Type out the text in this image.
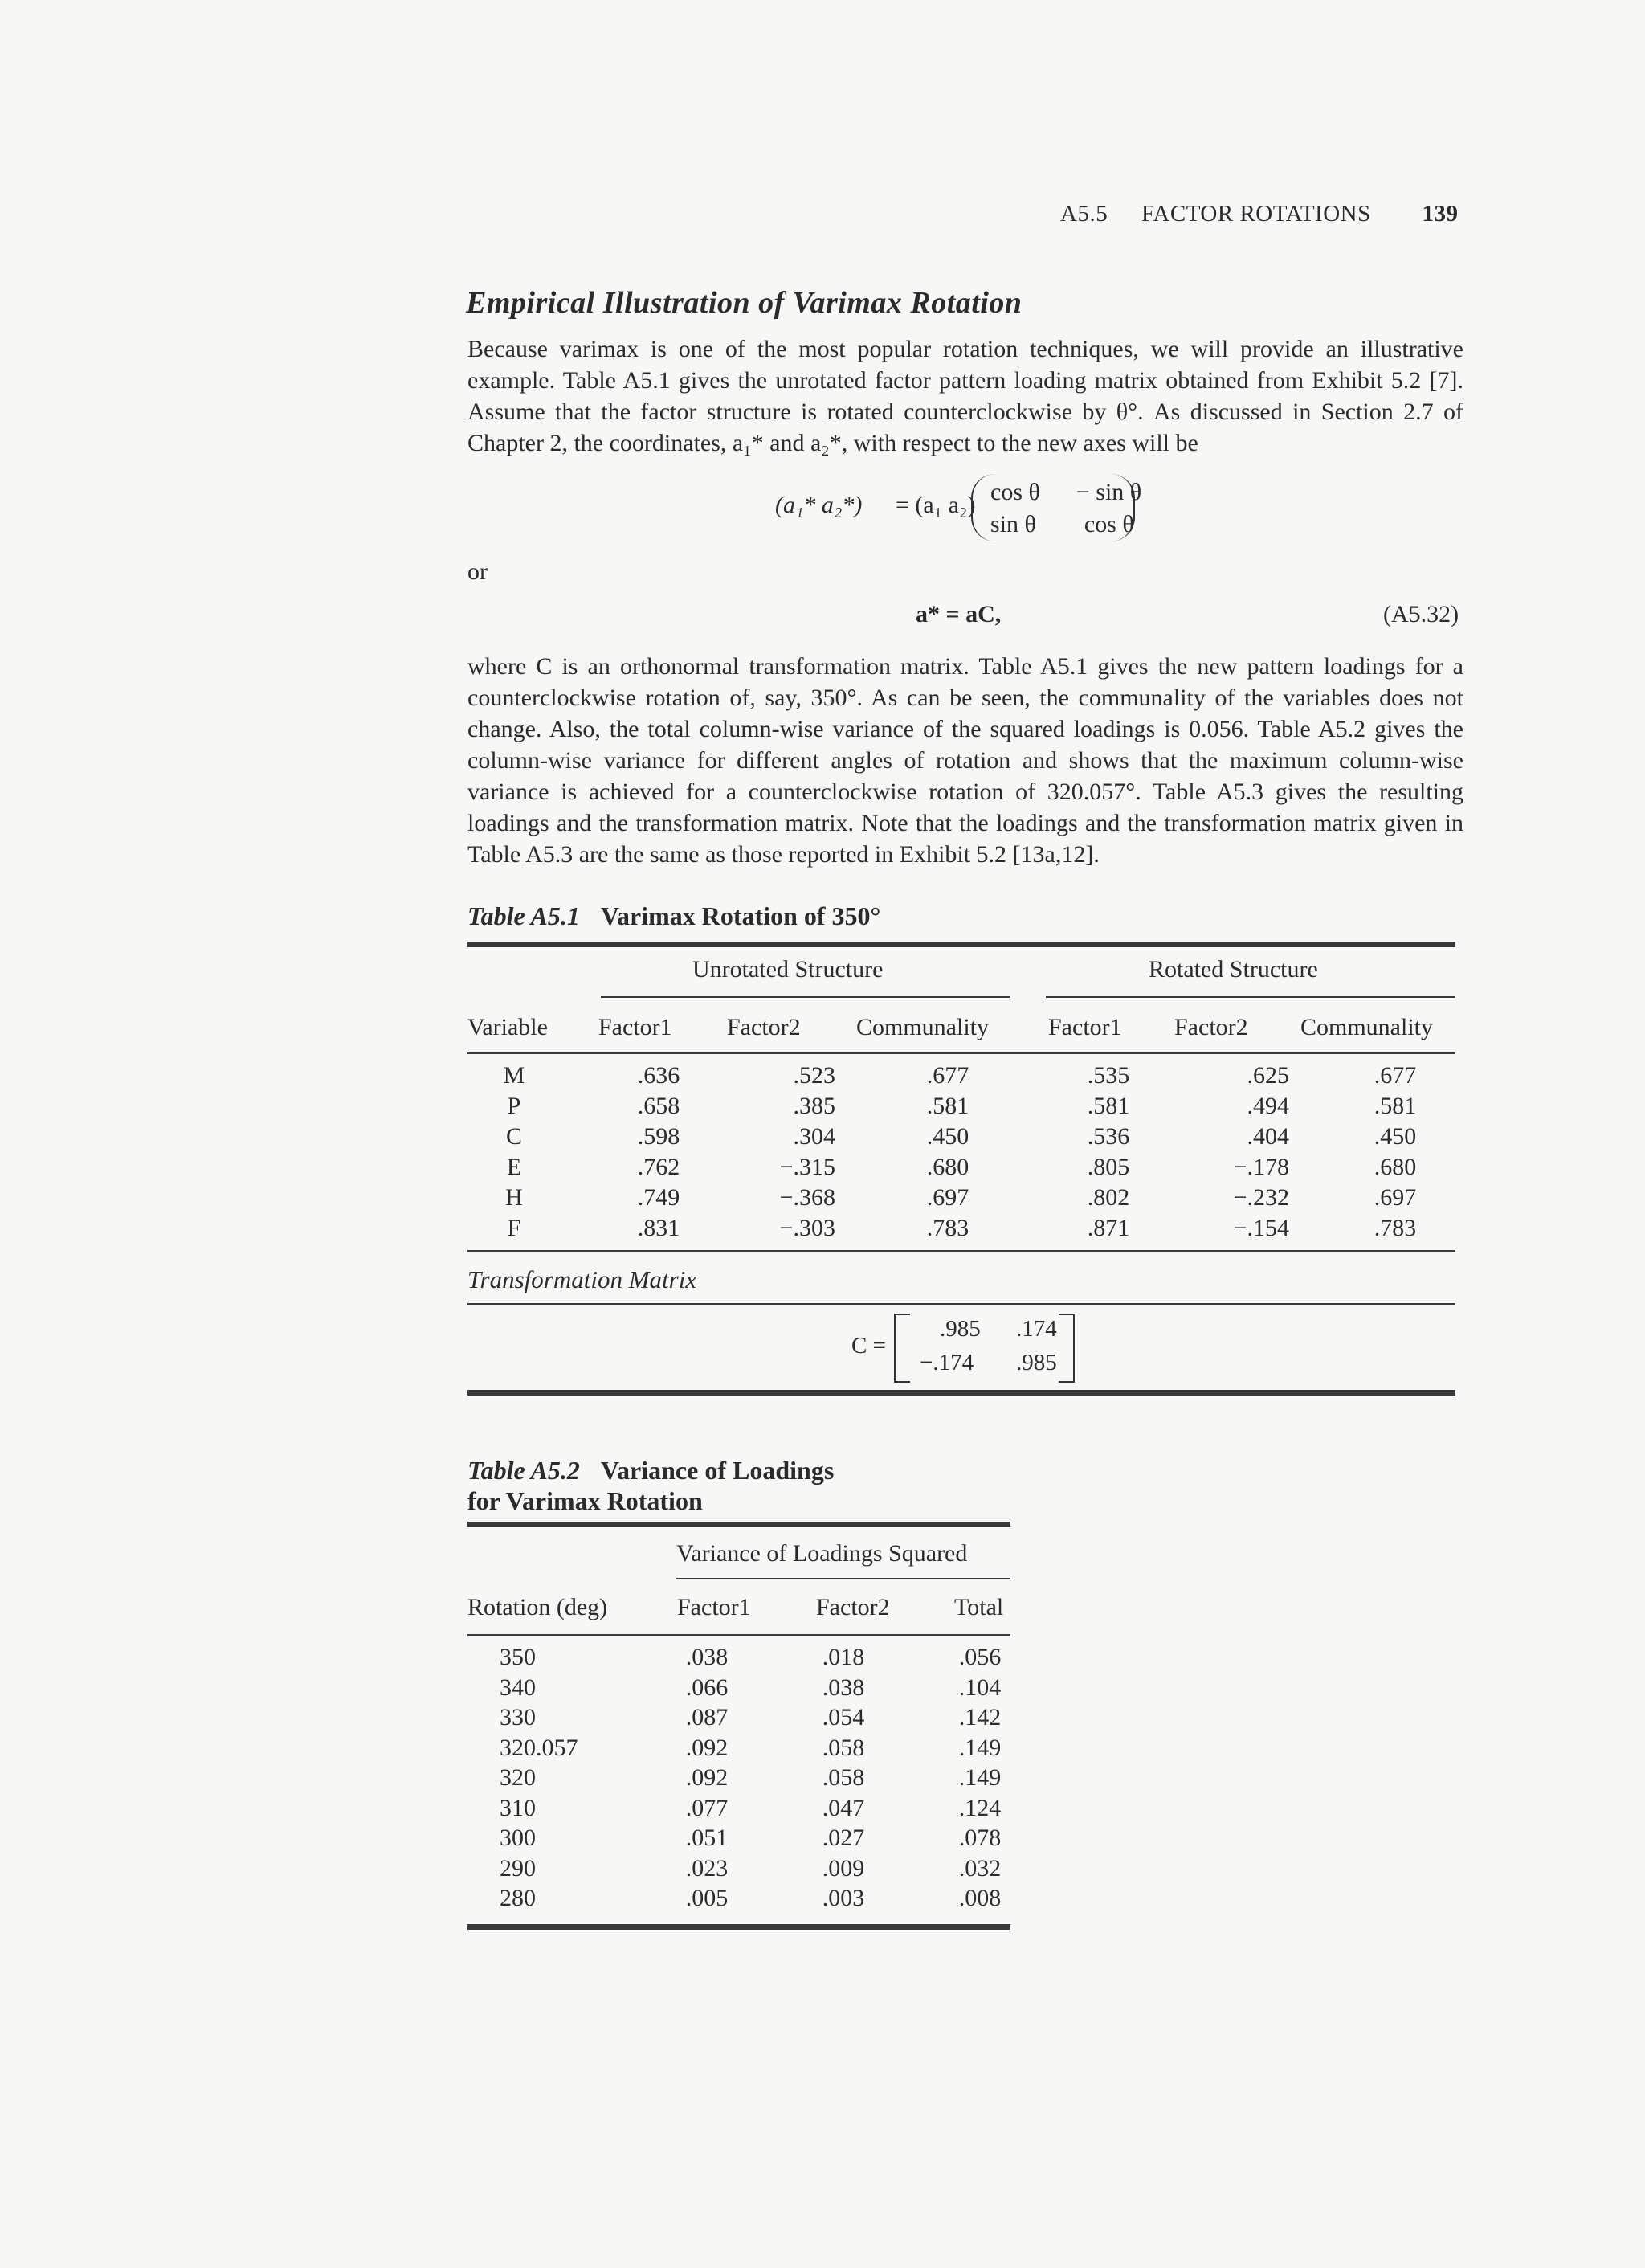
A5.5 FACTOR ROTATIONS 139
Empirical Illustration of Varimax Rotation

Because varimax is one of the most popular rotation techniques, we will provide an illustrative example. Table A5.1 gives the unrotated factor pattern loading matrix obtained from Exhibit 5.2 [7]. Assume that the factor structure is rotated counterclockwise by θ°. As discussed in Section 2.7 of Chapter 2, the coordinates, a₁* and a₂*, with respect to the new axes will be

(a₁* a₂*) = (a₁ a₂) cos θ      − sin θ
sin θ        cos θ
or
a* = aC,	(A5.32)

where C is an orthonormal transformation matrix. Table A5.1 gives the new pattern loadings for a counterclockwise rotation of, say, 350°. As can be seen, the communality of the variables does not change. Also, the total column-wise variance of the squared loadings is 0.056. Table A5.2 gives the column-wise variance for different angles of rotation and shows that the maximum column-wise variance is achieved for a counterclockwise rotation of 320.057°. Table A5.3 gives the resulting loadings and the transformation matrix. Note that the loadings and the transformation matrix given in Table A5.3 are the same as those reported in Exhibit 5.2 [13a,12].

Table A5.1 Varimax Rotation of 350°
Unrotated Structure	Rotated Structure
Variable Factor1 Factor2 Communality Factor1 Factor2 Communality
M	.636	.523	.677	.535	.625	.677
P	.658	.385	.581	.581	.494	.581
C	.598	.304	.450	.536	.404	.450
E	.762	−.315	.680	.805	−.178	.680
H	.749	−.368	.697	.802	−.232	.697
F	.831	−.303	.783	.871	−.154	.783
Transformation Matrix
C =
.985 .174
−.174 .985
Table A5.2 Variance of Loadings
for Varimax Rotation
Variance of Loadings Squared
Rotation (deg)	Factor1	Factor2	Total
350	.038	.018	.056
340	.066	.038	.104
330	.087	.054	.142
320.057	.092	.058	.149
320	.092	.058	.149
310	.077	.047	.124
300	.051	.027	.078
290	.023	.009	.032
280	.005	.003	.008
